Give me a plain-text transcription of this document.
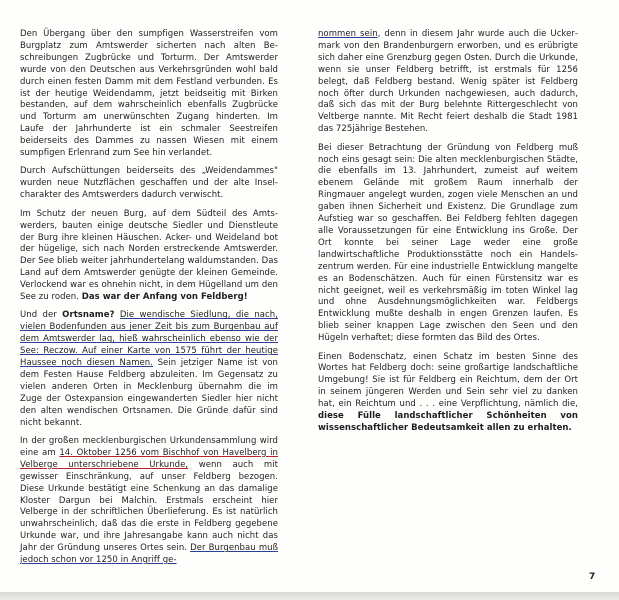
Den Übergang über den sumpfigen Wasserstreifen vom Burgplatz zum Amtswerder sicherten nach alten Beschreibungen Zugbrücke und Torturm. Der Amtswerder wurde von den Deutschen aus Verkehrsgründen wohl bald durch einen festen Damm mit dem Festland verbunden. Es ist der heutige Weidendamm, jetzt beidseitig mit Birken bestanden, auf dem wahrscheinlich ebenfalls Zugbrücke und Torturm am unerwünschten Zugang hinderten. Im Laufe der Jahrhunderte ist ein schmaler Seestreifen beiderseits des Dammes zu nassen Wiesen mit einem sumpfigen Erlenrand zum See hin verlandet.

Durch Aufschüttungen beiderseits des „Weidendammes" wurden neue Nutzflächen geschaffen und der alte Inselcharakter des Amtswerders dadurch verwischt.

Im Schutz der neuen Burg, auf dem Südteil des Amtswerders, bauten einige deutsche Siedler und Dienstleute der Burg ihre kleinen Häuschen. Acker- und Weideland bot der hügelige, sich nach Norden erstreckende Amtswerder. Der See blieb weiter jahrhundertelang waldumstanden. Das Land auf dem Amtswerder genügte der kleinen Gemeinde. Verlockend war es ohnehin nicht, in dem Hügelland um den See zu roden. Das war der Anfang von Feldberg!

Und der Ortsname? Die wendische Siedlung, die nach, vielen Bodenfunden aus jener Zeit bis zum Burgenbau auf dem Amtswerder lag, hieß wahrscheinlich ebenso wie der See: Reczow. Auf einer Karte von 1575 führt der heutige Haussee noch diesen Namen. Sein jetziger Name ist von dem Festen Hause Feldberg abzuleiten. Im Gegensatz zu vielen anderen Orten in Mecklenburg übernahm die im Zuge der Ostexpansion eingewanderten Siedler hier nicht den alten wendischen Ortsnamen. Die Gründe dafür sind nicht bekannt.

In der großen mecklenburgischen Urkundensammlung wird eine am 14. Oktober 1256 vom Bischhof von Havelberg in Velberge unterschriebene Urkunde, wenn auch mit gewisser Einschränkung, auf unser Feldberg bezogen. Diese Urkunde bestätigt eine Schenkung an das damalige Kloster Dargun bei Malchin. Erstmals erscheint hier Velberge in der schriftlichen Überlieferung. Es ist natürlich unwahrscheinlich, daß das die erste in Feldberg gegebene Urkunde war, und ihre Jahresangabe kann auch nicht das Jahr der Gründung unseres Ortes sein. Der Burgenbau muß jedoch schon vor 1250 in Angriff ge-

nommen sein, denn in diesem Jahr wurde auch die Uckermark von den Brandenburgern erworben, und es erübrigte sich daher eine Grenzburg gegen Osten. Durch die Urkunde, wenn sie unser Feldberg betrifft, ist erstmals für 1256 belegt, daß Feldberg bestand. Wenig später ist Feldberg noch öfter durch Urkunden nachgewiesen, auch dadurch, daß sich das mit der Burg belehnte Rittergeschlecht von Veltberge nannte. Mit Recht feiert deshalb die Stadt 1981 das 725jährige Bestehen.

Bei dieser Betrachtung der Gründung von Feldberg muß noch eins gesagt sein: Die alten mecklenburgischen Städte, die ebenfalls im 13. Jahrhundert, zumeist auf weitem ebenem Gelände mit großem Raum innerhalb der Ringmauer angelegt wurden, zogen viele Menschen an und gaben ihnen Sicherheit und Existenz. Die Grundlage zum Aufstieg war so geschaffen. Bei Feldberg fehlten dagegen alle Voraussetzungen für eine Entwicklung ins Große. Der Ort konnte bei seiner Lage weder eine große landwirtschaftliche Produktionsstätte noch ein Handelszentrum werden. Für eine industrielle Entwicklung mangelte es an Bodenschätzen. Auch für einen Fürstensitz war es nicht geeignet, weil es verkehrsmäßig im toten Winkel lag und ohne Ausdehnungsmöglichkeiten war. Feldbergs Entwicklung mußte deshalb in engen Grenzen laufen. Es blieb seiner knappen Lage zwischen den Seen und den Hügeln verhaftet; diese formten das Bild des Ortes.

Einen Bodenschatz, einen Schatz im besten Sinne des Wortes hat Feldberg doch: seine großartige landschaftliche Umgebung! Sie ist für Feldberg ein Reichtum, dem der Ort in seinem jüngeren Werden und Sein sehr viel zu danken hat, ein Reichtum und . . . eine Verpflichtung, nämlich die, diese Fülle landschaftlicher Schönheiten von wissenschaftlicher Bedeutsamkeit allen zu erhalten.

7
